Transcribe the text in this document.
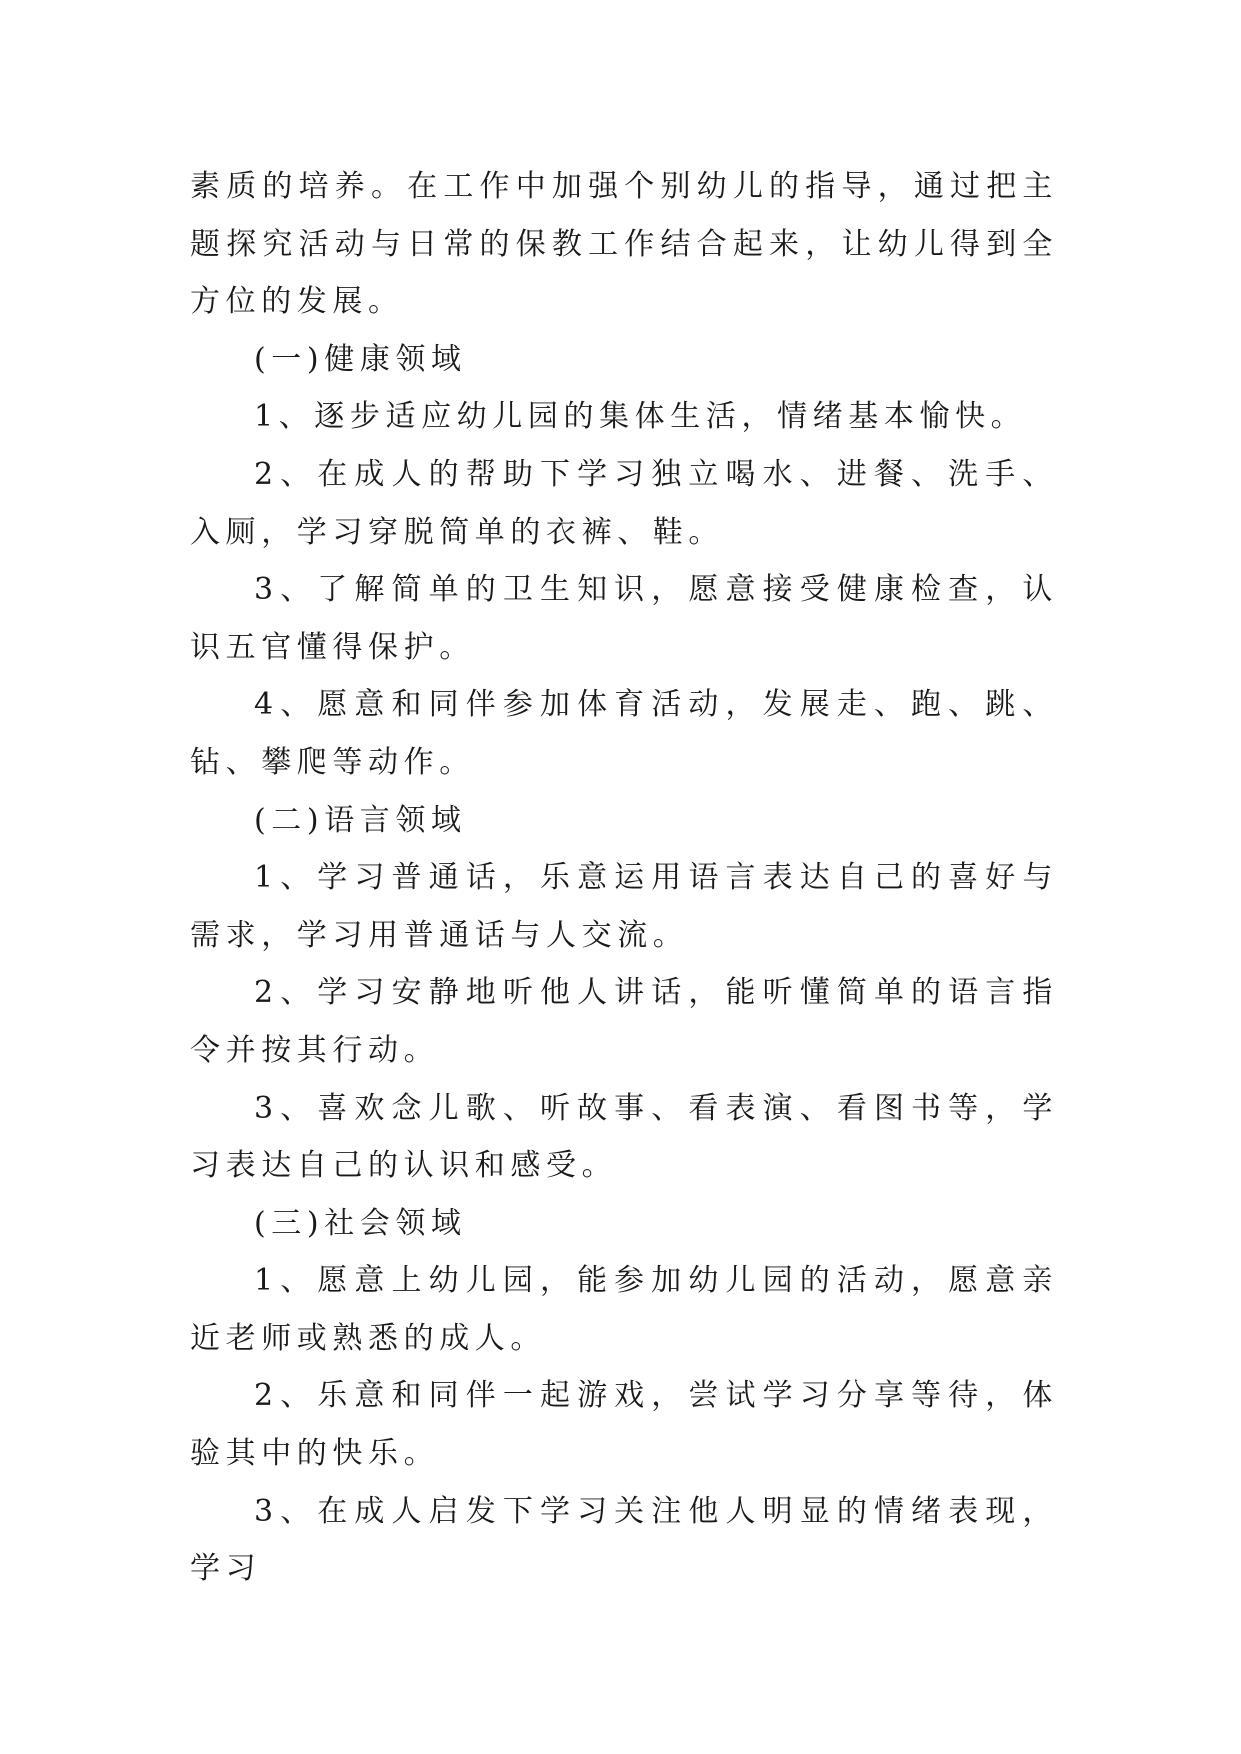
素质的培养。在工作中加强个别幼儿的指导，通过把主题探究活动与日常的保教工作结合起来，让幼儿得到全方位的发展。

(一)健康领域

1、逐步适应幼儿园的集体生活，情绪基本愉快。

2、在成人的帮助下学习独立喝水、进餐、洗手、入厕，学习穿脱简单的衣裤、鞋。

3、了解简单的卫生知识，愿意接受健康检查，认识五官懂得保护。

4、愿意和同伴参加体育活动，发展走、跑、跳、钻、攀爬等动作。

(二)语言领域

1、学习普通话，乐意运用语言表达自己的喜好与需求，学习用普通话与人交流。

2、学习安静地听他人讲话，能听懂简单的语言指令并按其行动。

3、喜欢念儿歌、听故事、看表演、看图书等，学习表达自己的认识和感受。

(三)社会领域

1、愿意上幼儿园，能参加幼儿园的活动，愿意亲近老师或熟悉的成人。

2、乐意和同伴一起游戏，尝试学习分享等待，体验其中的快乐。

3、在成人启发下学习关注他人明显的情绪表现，学习
